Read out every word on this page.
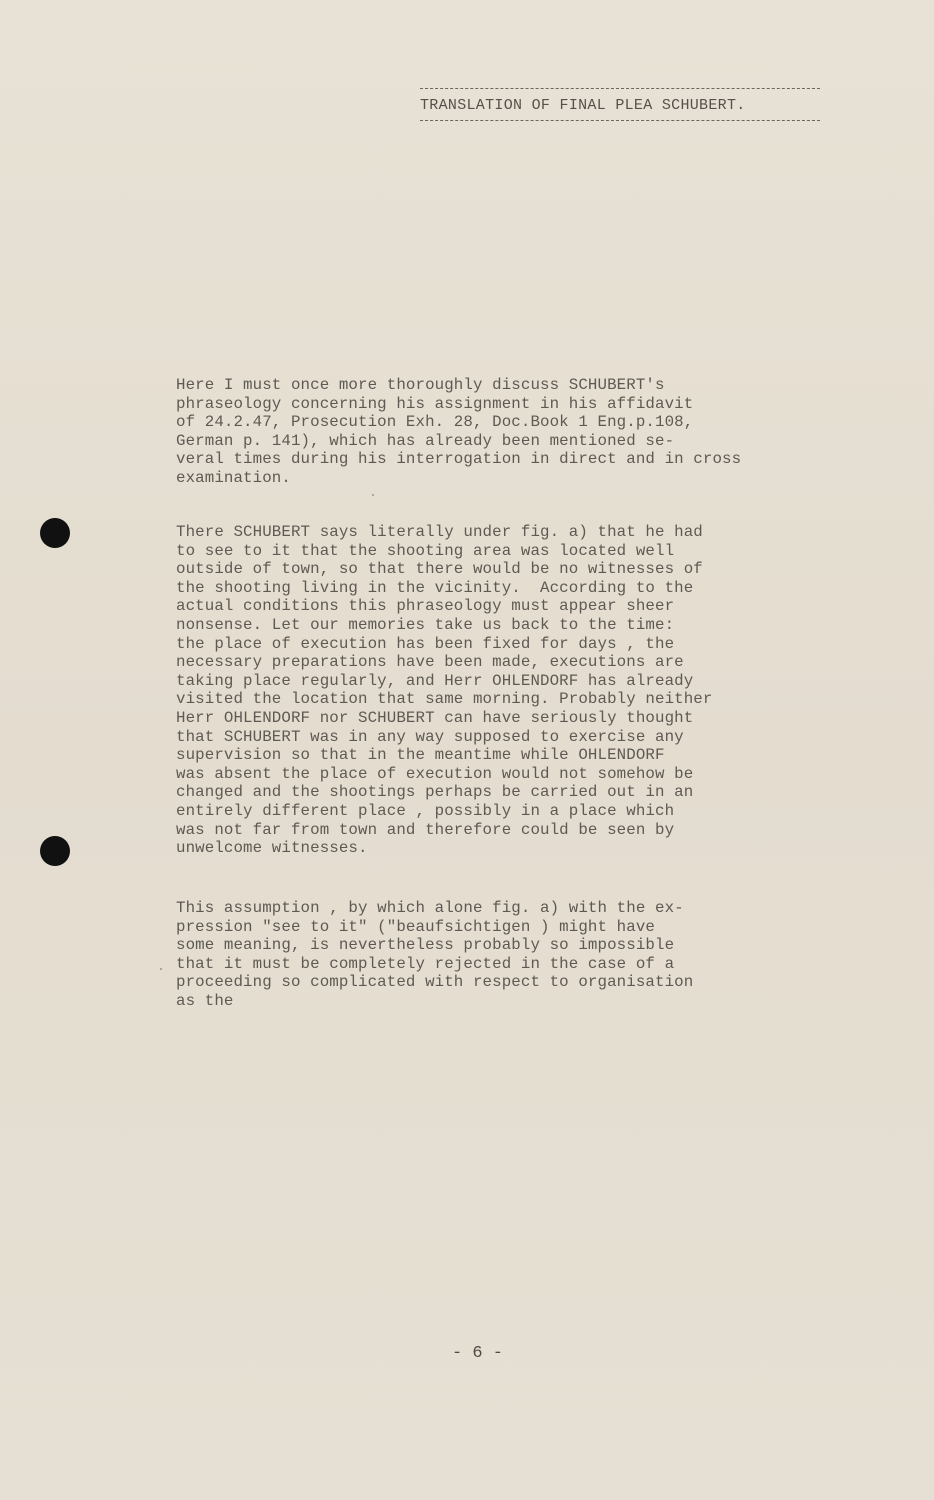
TRANSLATION OF FINAL PLEA SCHUBERT.
Here I must once more thoroughly discuss SCHUBERT's
phraseology concerning his assignment in his affidavit
of 24.2.47, Prosecution Exh. 28, Doc.Book 1 Eng.p.108,
German p. 141), which has already been mentioned se-
veral times during his interrogation in direct and in cross
examination.
There SCHUBERT says literally under fig. a) that he had
to see to it that the shooting area was located well
outside of town, so that there would be no witnesses of
the shooting living in the vicinity.  According to the
actual conditions this phraseology must appear sheer
nonsense. Let our memories take us back to the time:
the place of execution has been fixed for days , the
necessary preparations have been made, executions are
taking place regularly, and Herr OHLENDORF has already
visited the location that same morning. Probably neither
Herr OHLENDORF nor SCHUBERT can have seriously thought
that SCHUBERT was in any way supposed to exercise any
supervision so that in the meantime while OHLENDORF
was absent the place of execution would not somehow be
changed and the shootings perhaps be carried out in an
entirely different place , possibly in a place which
was not far from town and therefore could be seen by
unwelcome witnesses.
This assumption , by which alone fig. a) with the ex-
pression "see to it" ("beaufsichtigen ) might have
some meaning, is nevertheless probably so impossible
that it must be completely rejected in the case of a
proceeding so complicated with respect to organisation
as the
- 6 -
